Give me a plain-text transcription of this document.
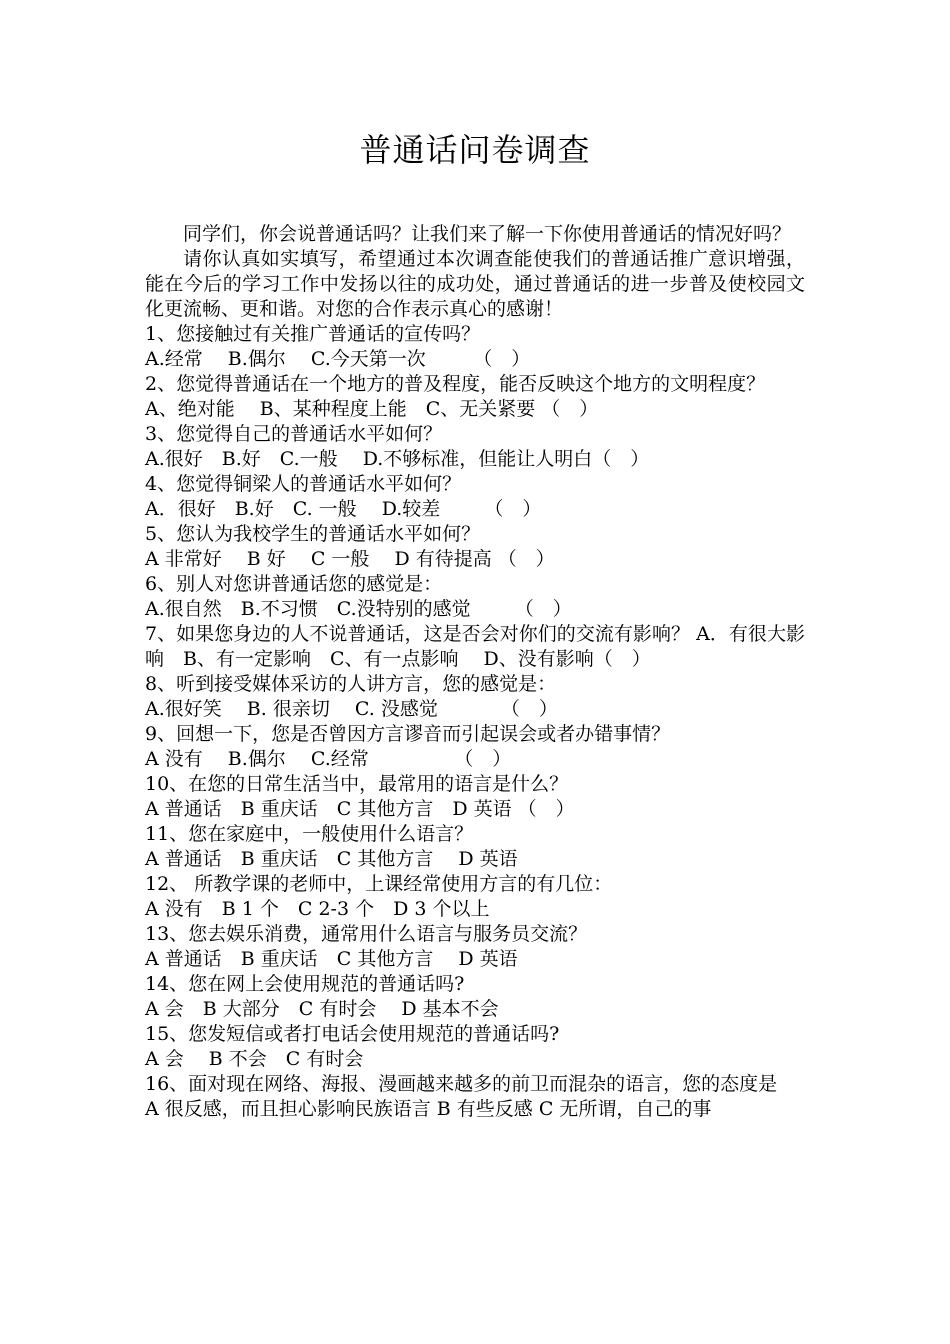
普通话问卷调查

同学们，你会说普通话吗？让我们来了解一下你使用普通话的情况好吗？

请你认真如实填写，希望通过本次调查能使我们的普通话推广意识增强，能在今后的学习工作中发扬以往的成功处，通过普通话的进一步普及使校园文化更流畅、更和谐。对您的合作表示真心的感谢！

1、您接触过有关推广普通话的宣传吗？

A.经常　 B.偶尔　 C.今天第一次　　　（　）

2、您觉得普通话在一个地方的普及程度，能否反映这个地方的文明程度？

A、绝对能　 B、某种程度上能　C、无关紧要 （　）

3、您觉得自己的普通话水平如何？

A.很好　B.好　C.一般　 D.不够标准，但能让人明白（　）

4、您觉得铜梁人的普通话水平如何？

A．很好　B.好　C. 一般　 D.较差　　 （　）

5、您认为我校学生的普通话水平如何？

A 非常好　 B 好　 C 一般　 D 有待提高 （　）

6、别人对您讲普通话您的感觉是：

A.很自然　B.不习惯　C.没特别的感觉　　 （　）

7、如果您身边的人不说普通话，这是否会对你们的交流有影响？ A．有很大影响　B、有一定影响　C、有一点影响　 D、没有影响（　）

8、听到接受媒体采访的人讲方言，您的感觉是：

A.很好笑　 B. 很亲切　 C. 没感觉　　　 （　）

9、回想一下，您是否曾因方言谬音而引起误会或者办错事情？

A 没有　 B.偶尔　 C.经常　　　　　（　）

10、在您的日常生活当中，最常用的语言是什么？

A 普通话　B 重庆话　C 其他方言　D 英语 （　）

11、您在家庭中，一般使用什么语言？

A 普通话　B 重庆话　C 其他方言　 D 英语

12、 所教学课的老师中，上课经常使用方言的有几位：

A 没有　B 1 个　C 2-3 个　D 3 个以上

13、您去娱乐消费，通常用什么语言与服务员交流？

A 普通话　B 重庆话　C 其他方言　 D 英语

14、您在网上会使用规范的普通话吗?

A 会　B 大部分　C 有时会　 D 基本不会

15、您发短信或者打电话会使用规范的普通话吗?

A 会　 B 不会　C 有时会

16、面对现在网络、海报、漫画越来越多的前卫而混杂的语言，您的态度是

A 很反感，而且担心影响民族语言 B 有些反感 C 无所谓，自己的事
